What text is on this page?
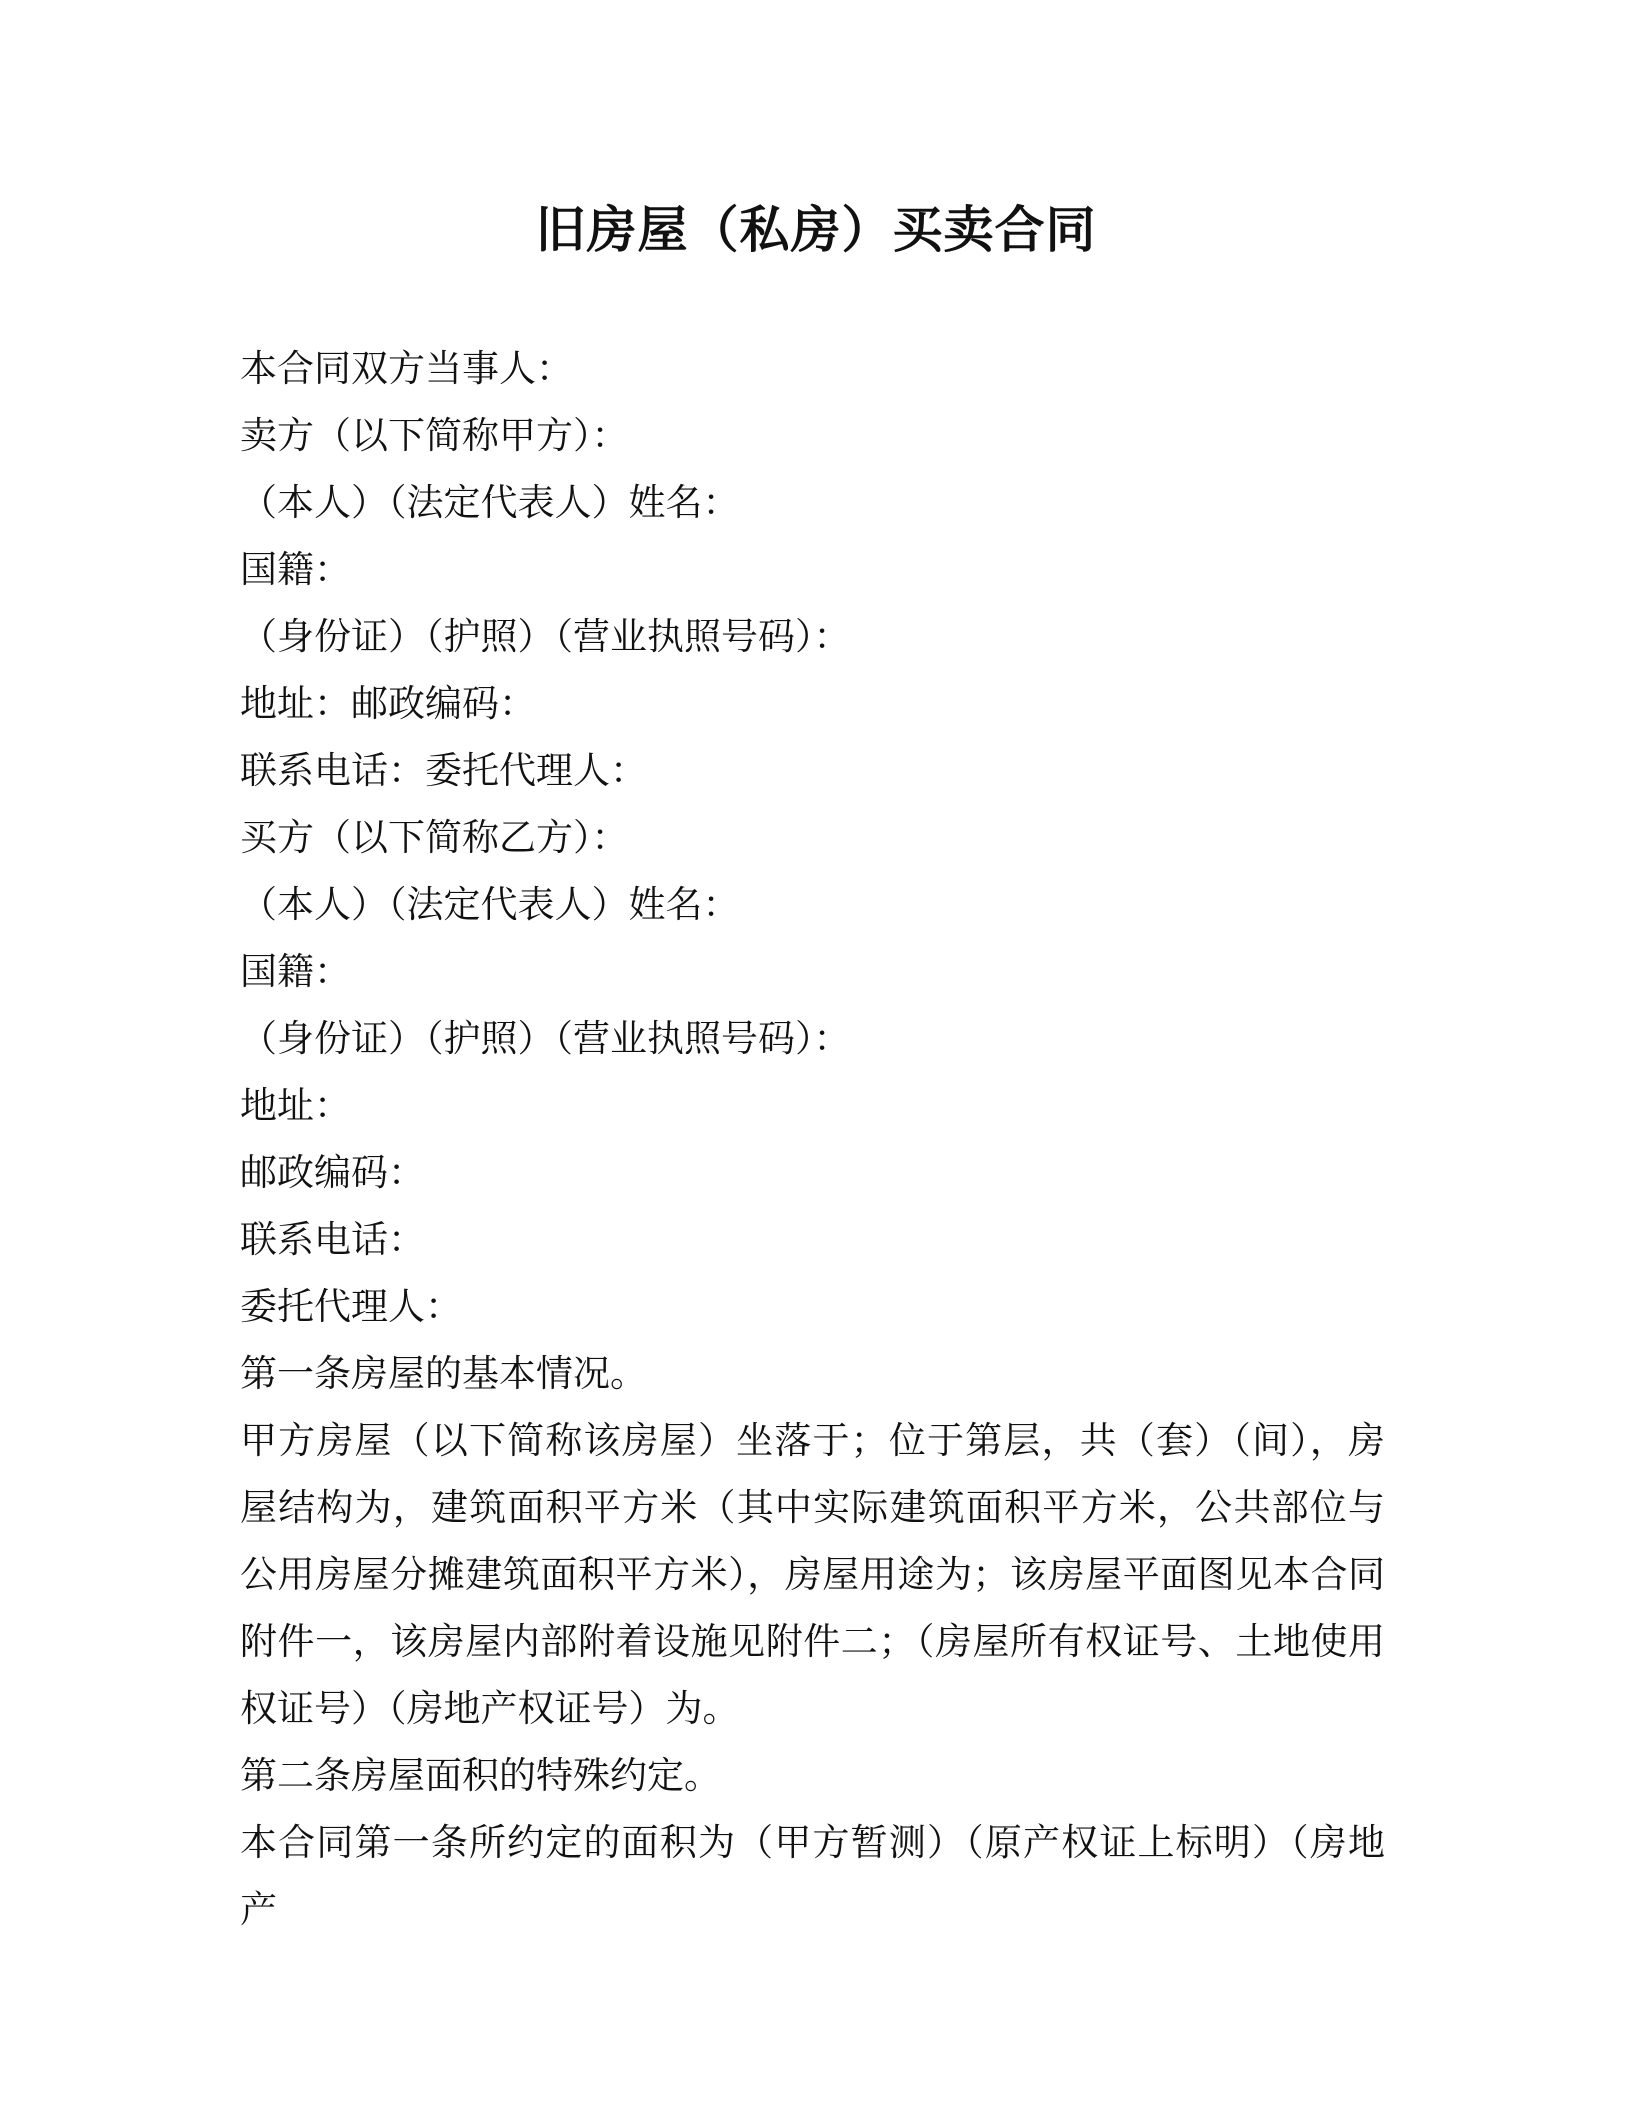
旧房屋（私房）买卖合同

本合同双方当事人：

卖方（以下简称甲方）：

（本人）（法定代表人）姓名：

国籍：

（身份证）（护照）（营业执照号码）：

地址：邮政编码：

联系电话：委托代理人：

买方（以下简称乙方）：

（本人）（法定代表人）姓名：

国籍：

（身份证）（护照）（营业执照号码）：

地址：

邮政编码：

联系电话：

委托代理人：

第一条房屋的基本情况。

甲方房屋（以下简称该房屋）坐落于；位于第层，共（套）（间），房屋结构为，建筑面积平方米（其中实际建筑面积平方米，公共部位与公用房屋分摊建筑面积平方米），房屋用途为；该房屋平面图见本合同附件一，该房屋内部附着设施见附件二；（房屋所有权证号、土地使用权证号）（房地产权证号）为。

第二条房屋面积的特殊约定。

本合同第一条所约定的面积为（甲方暂测）（原产权证上标明）（房地产
